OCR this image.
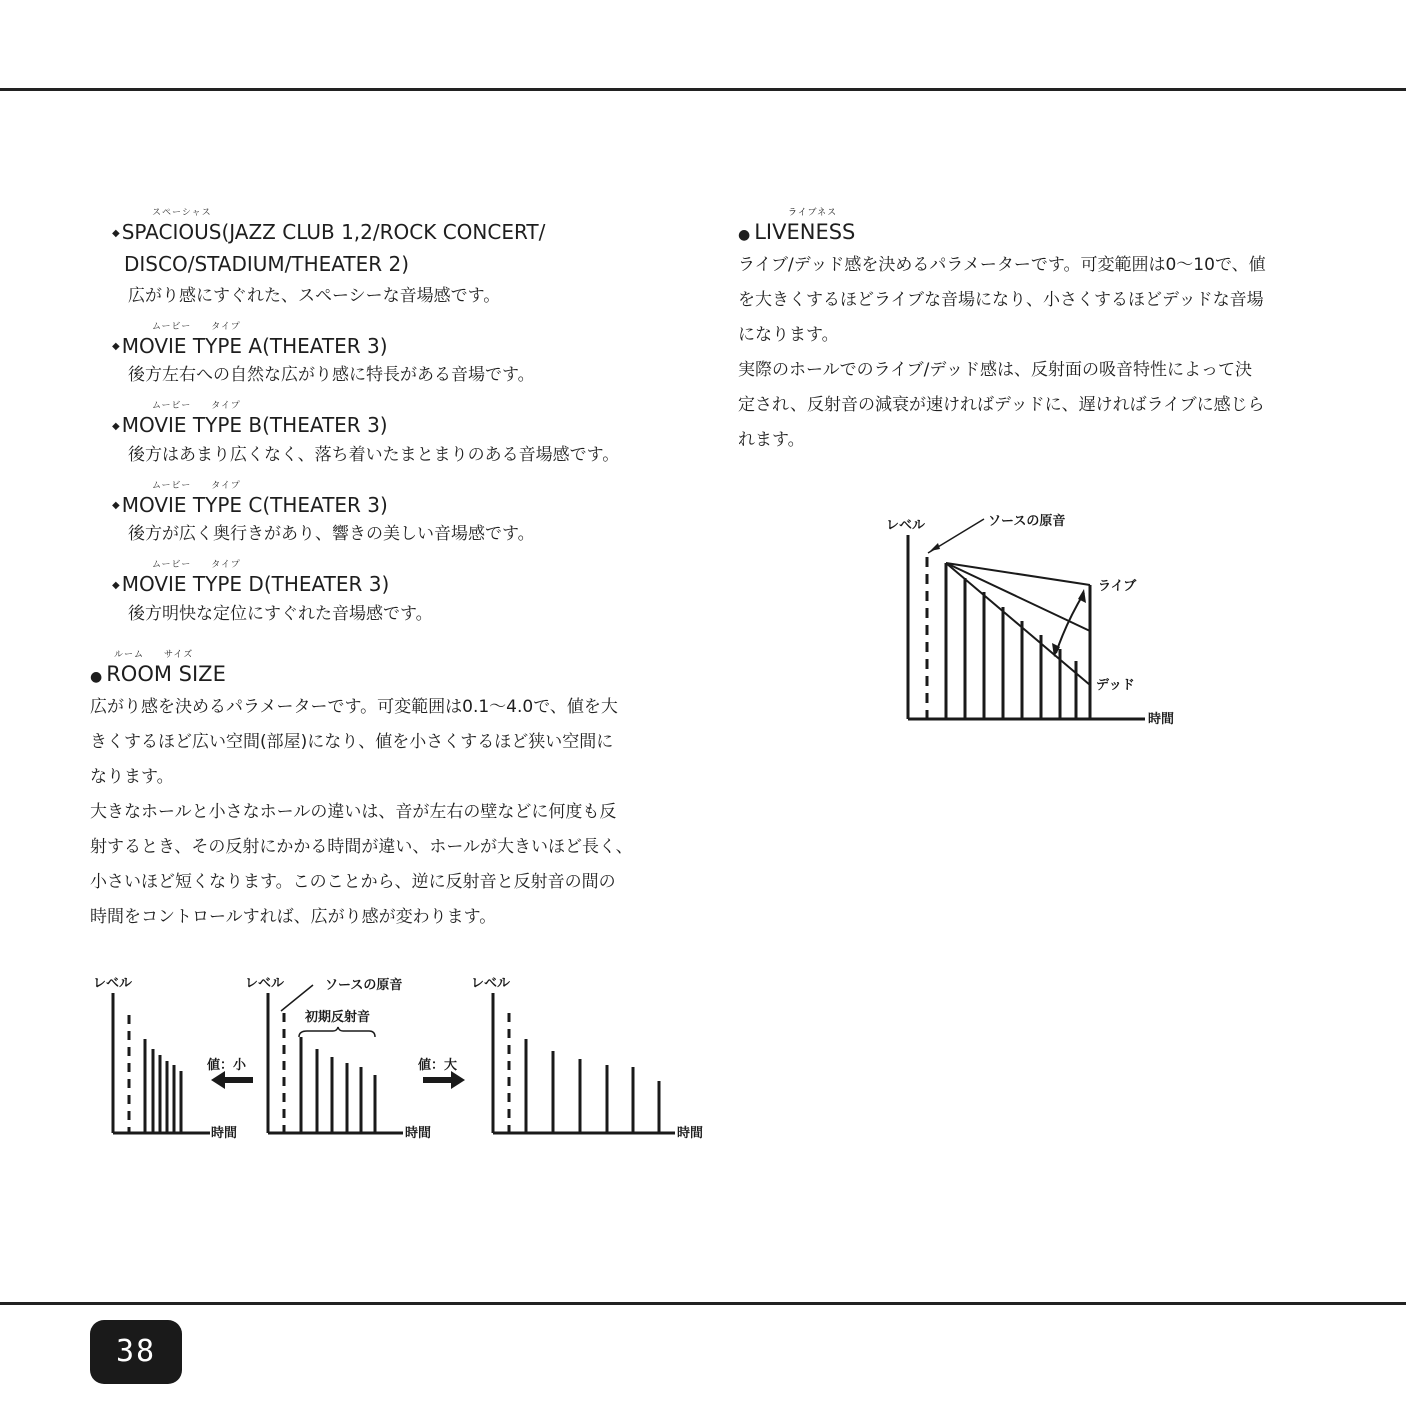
スペーシャス
◆ SPACIOUS(JAZZ CLUB 1,2/ROCK CONCERT/
DISCO/STADIUM/THEATER 2)
広がり感にすぐれた、スペーシーな音場感です。
ムービー　　タイプ
◆ MOVIE TYPE A(THEATER 3)
後方左右への自然な広がり感に特長がある音場です。
ムービー　　タイプ
◆ MOVIE TYPE B(THEATER 3)
後方はあまり広くなく、落ち着いたまとまりのある音場感です。
ムービー　　タイプ
◆ MOVIE TYPE C(THEATER 3)
後方が広く奥行きがあり、響きの美しい音場感です。
ムービー　　タイプ
◆ MOVIE TYPE D(THEATER 3)
後方明快な定位にすぐれた音場感です。
ルーム　　サイズ
● ROOM SIZE
広がり感を決めるパラメーターです。可変範囲は0.1～4.0で、値を大
きくするほど広い空間(部屋)になり、値を小さくするほど狭い空間に
なります。
大きなホールと小さなホールの違いは、音が左右の壁などに何度も反
射するとき、その反射にかかる時間が違い、ホールが大きいほど長く、
小さいほど短くなります。このことから、逆に反射音と反射音の間の
時間をコントロールすれば、広がり感が変わります。
レベル
時間
値：小
レベル	ソースの原音
初期反射音
時間
値：大
レベル
時間
ライブネス
● LIVENESS
ライブ/デッド感を決めるパラメーターです。可変範囲は0～10で、値
を大きくするほどライブな音場になり、小さくするほどデッドな音場
になります。
実際のホールでのライブ/デッド感は、反射面の吸音特性によって決
定され、反射音の減衰が速ければデッドに、遅ければライブに感じら
れます。
レベル	ソースの原音
ライブ
デッド
時間
38
